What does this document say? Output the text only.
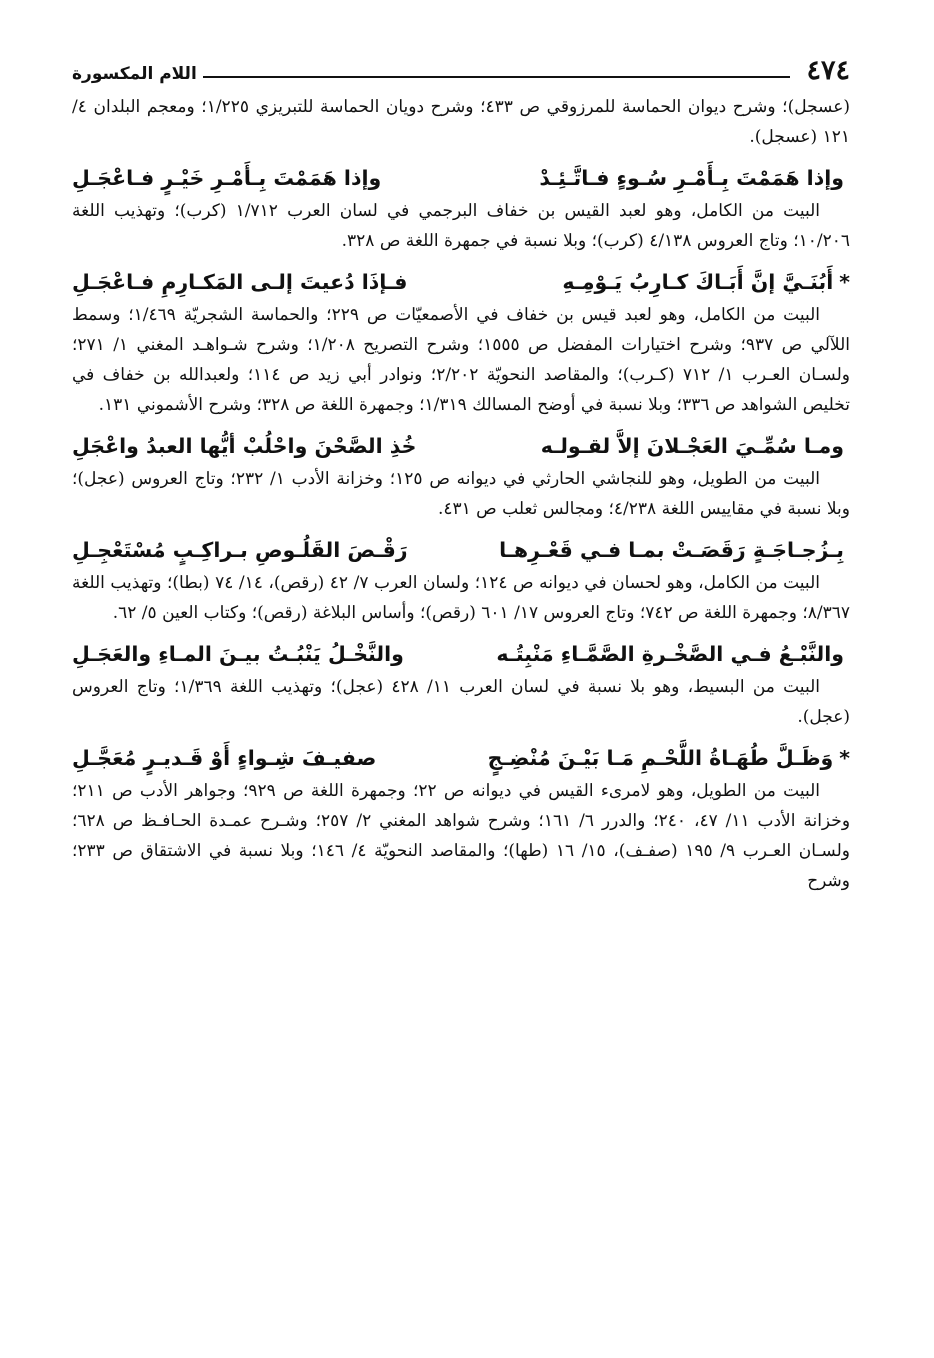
٤٧٤
اللام المكسورة

(عسجل)؛ وشرح ديوان الحماسة للمرزوقي ص ٤٣٣؛ وشرح دويان الحماسة للتبريزي ١/٢٢٥؛ ومعجم البلدان ٤/ ١٢١ (عسجل).

وإذا هَمَمْتَ بِـأَمْـرِ سُـوءٍ فـاتَّـئِـدْ
وإذا هَمَمْتَ بِـأَمْـرِ خَيْـرٍ فـاعْجَـلِ

البيت من الكامل، وهو لعبد القيس بن خفاف البرجمي في لسان العرب ١/٧١٢ (كرب)؛ وتهذيب اللغة ١٠/٢٠٦؛ وتاج العروس ٤/١٣٨ (كرب)؛ وبلا نسبة في جمهرة اللغة ص ٣٢٨.

*أَبُنَـيَّ إنَّ أَبَـاكَ كـارِبُ يَـوْمِـهِ
فـإذَا دُعيتَ إلـى المَكـارِمِ فـاعْجَـلِ

البيت من الكامل، وهو لعبد قيس بن خفاف في الأصمعيّات ص ٢٢٩؛ والحماسة الشجريّة ١/٤٦٩؛ وسمط اللآلي ص ٩٣٧؛ وشرح اختيارات المفضل ص ١٥٥٥؛ وشرح التصريح ١/٢٠٨؛ وشرح شـواهـد المغني ١/ ٢٧١؛ ولسـان العـرب ١/ ٧١٢ (كـرب)؛ والمقاصد النحويّة ٢/٢٠٢؛ ونوادر أبي زيد ص ١١٤؛ ولعبدالله بن خفاف في تخليص الشواهد ص ٣٣٦؛ وبلا نسبة في أوضح المسالك ١/٣١٩؛ وجمهرة اللغة ص ٣٢٨؛ وشرح الأشموني ١٣١.

ومـا سُمِّـيَ العَجْـلانَ إلاَّ لقـولـه
خُذِ الصَّحْنَ واحْلُبْ أيُّها العبدُ واعْجَلِ

البيت من الطويل، وهو للنجاشي الحارثي في ديوانه ص ١٢٥؛ وخزانة الأدب ١/ ٢٣٢؛ وتاج العروس (عجل)؛ وبلا نسبة في مقاييس اللغة ٤/٢٣٨؛ ومجالس ثعلب ص ٤٣١.

بِـزُجـاجَـةٍ رَقَصَـتْ بمـا فـي قَعْـرِهـا
رَقْـصَ القَلُـوصِ بـراكِـبٍ مُسْتَعْجِـلِ

البيت من الكامل، وهو لحسان في ديوانه ص ١٢٤؛ ولسان العرب ٧/ ٤٢ (رقص)، ١٤/ ٧٤ (بطا)؛ وتهذيب اللغة ٨/٣٦٧؛ وجمهرة اللغة ص ٧٤٢؛ وتاج العروس ١٧/ ٦٠١ (رقص)؛ وأساس البلاغة (رقص)؛ وكتاب العين ٥/ ٦٢.

والنَّبْـعُ فـي الصَّخْـرةِ الصَّمَّـاءِ مَنْبِتُـه
والنَّخْـلُ يَنْبُـتُ بيـنَ المـاءِ والعَجَـلِ

البيت من البسيط، وهو بلا نسبة في لسان العرب ١١/ ٤٢٨ (عجل)؛ وتهذيب اللغة ١/٣٦٩؛ وتاج العروس (عجل).

*وَظَـلَّ طُهَـاةُ اللَّحْـمِ مَـا بَيْـنَ مُنْضِـجٍ
صفيـفَ شِـواءٍ أَوْ قَـديـرٍ مُعَجَّـلِ

البيت من الطويل، وهو لامرىء القيس في ديوانه ص ٢٢؛ وجمهرة اللغة ص ٩٢٩؛ وجواهر الأدب ص ٢١١؛ وخزانة الأدب ١١/ ٤٧، ٢٤٠؛ والدرر ٦/ ١٦١؛ وشرح شواهد المغني ٢/ ٢٥٧؛ وشـرح عمـدة الحـافـظ ص ٦٢٨؛ ولسـان العـرب ٩/ ١٩٥ (صفـف)، ١٥/ ١٦ (طها)؛ والمقاصد النحويّة ٤/ ١٤٦؛ وبلا نسبة في الاشتقاق ص ٢٣٣؛ وشرح
